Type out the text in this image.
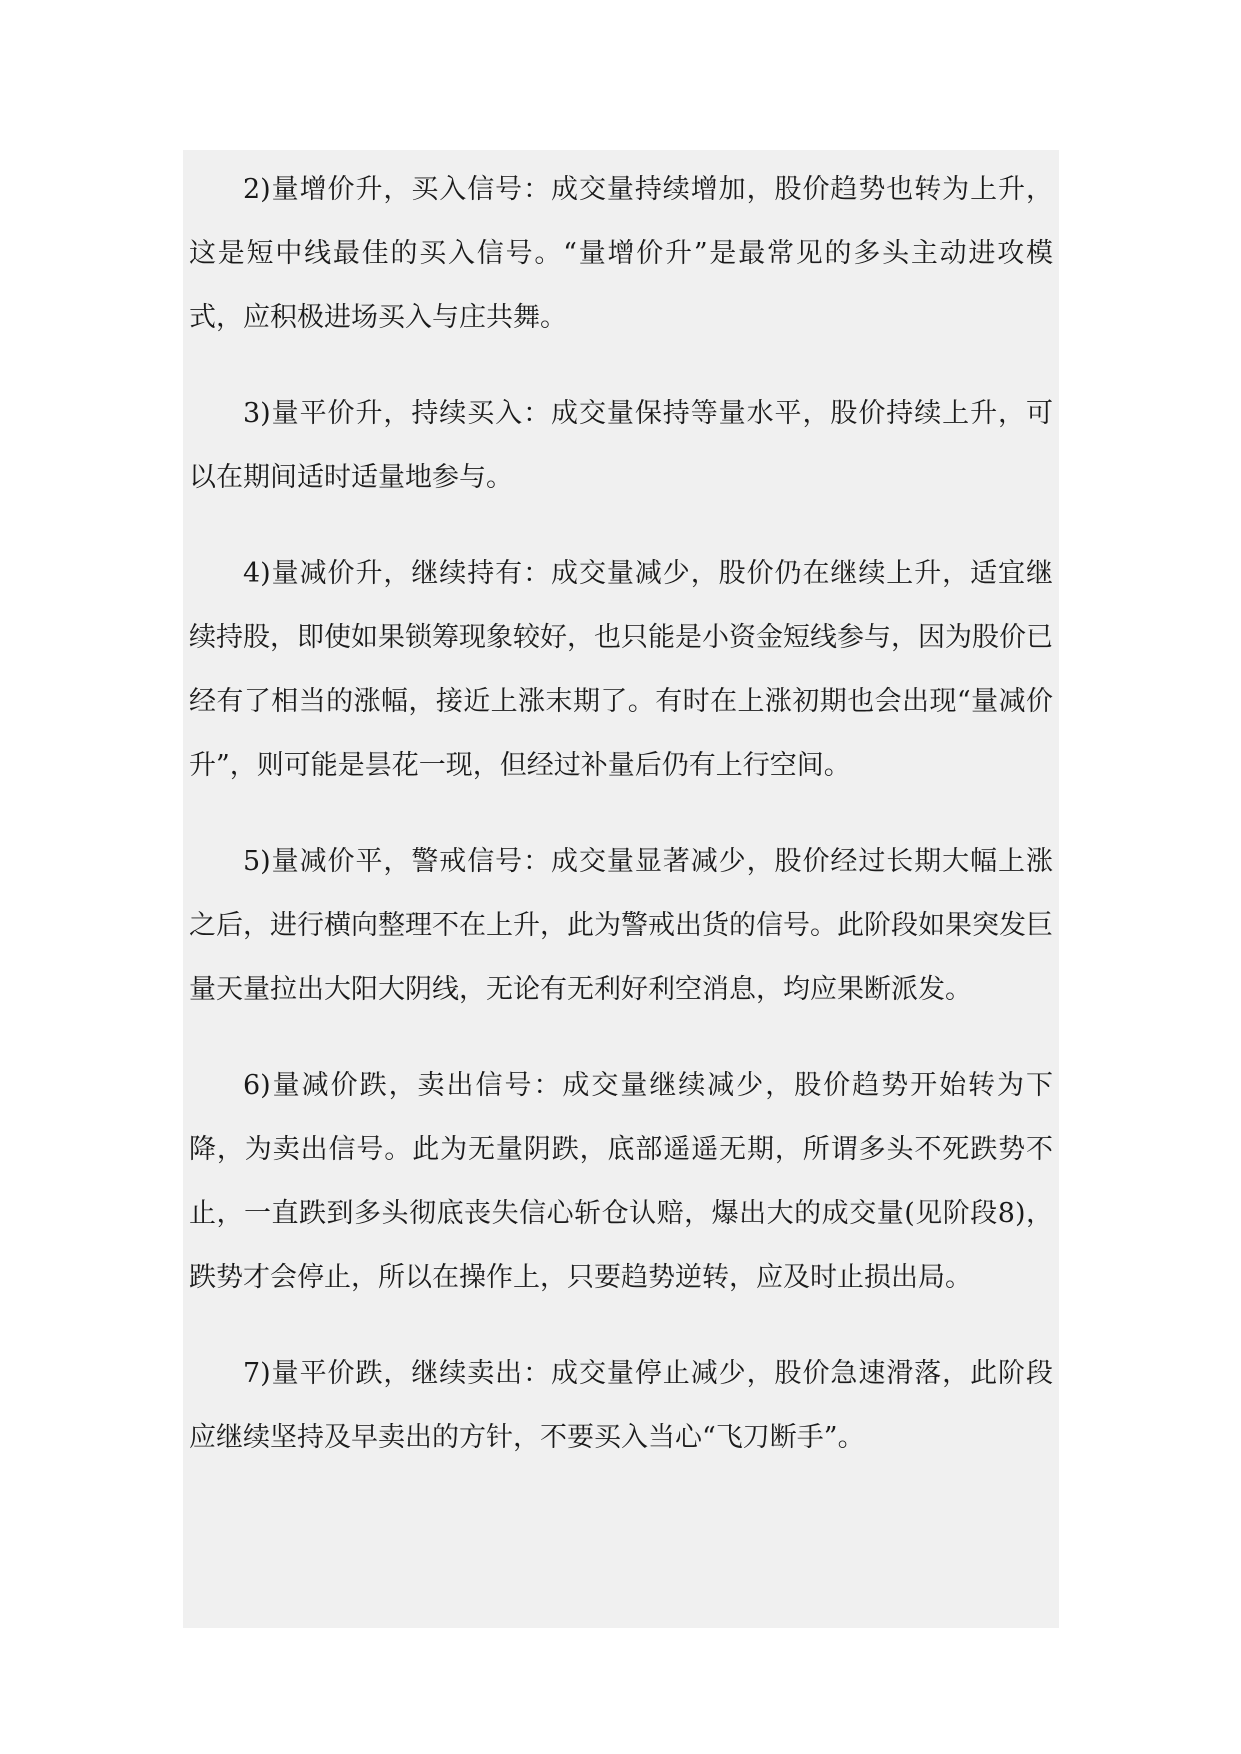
2)量增价升，买入信号：成交量持续增加，股价趋势也转为上升，这是短中线最佳的买入信号。“量增价升”是最常见的多头主动进攻模式，应积极进场买入与庄共舞。

3)量平价升，持续买入：成交量保持等量水平，股价持续上升，可以在期间适时适量地参与。

4)量减价升，继续持有：成交量减少，股价仍在继续上升，适宜继续持股，即使如果锁筹现象较好，也只能是小资金短线参与，因为股价已经有了相当的涨幅，接近上涨末期了。有时在上涨初期也会出现“量减价升”，则可能是昙花一现，但经过补量后仍有上行空间。

5)量减价平，警戒信号：成交量显著减少，股价经过长期大幅上涨之后，进行横向整理不在上升，此为警戒出货的信号。此阶段如果突发巨量天量拉出大阳大阴线，无论有无利好利空消息，均应果断派发。

6)量减价跌，卖出信号：成交量继续减少，股价趋势开始转为下降，为卖出信号。此为无量阴跌，底部遥遥无期，所谓多头不死跌势不止，一直跌到多头彻底丧失信心斩仓认赔，爆出大的成交量(见阶段8)，跌势才会停止，所以在操作上，只要趋势逆转，应及时止损出局。

7)量平价跌，继续卖出：成交量停止减少，股价急速滑落，此阶段应继续坚持及早卖出的方针，不要买入当心“飞刀断手”。
